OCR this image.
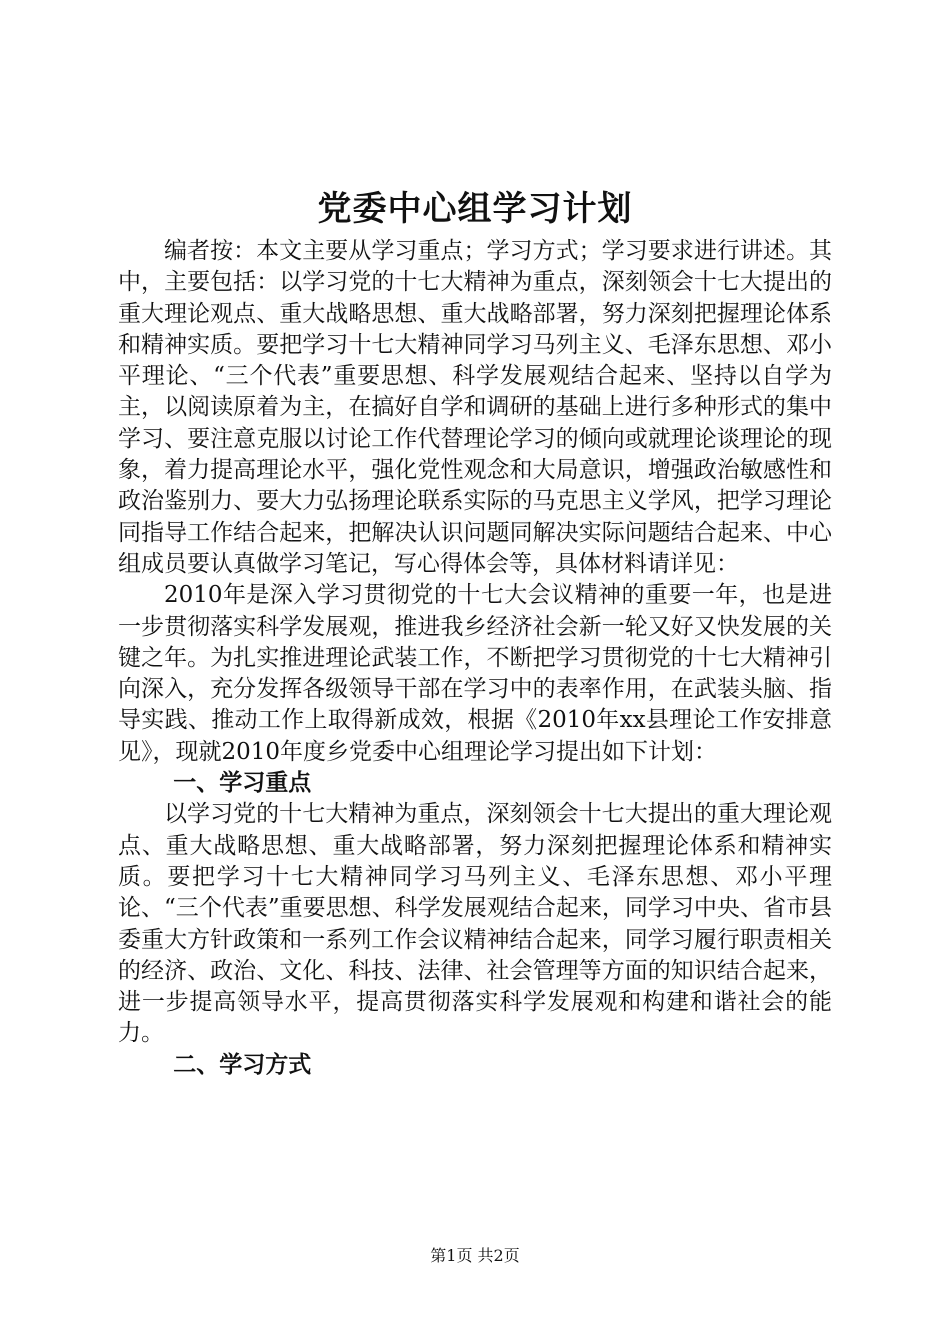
党委中心组学习计划

编者按：本文主要从学习重点；学习方式；学习要求进行讲述。其中，主要包括：以学习党的十七大精神为重点，深刻领会十七大提出的重大理论观点、重大战略思想、重大战略部署，努力深刻把握理论体系和精神实质。要把学习十七大精神同学习马列主义、毛泽东思想、邓小平理论、“三个代表”重要思想、科学发展观结合起来、坚持以自学为主，以阅读原着为主，在搞好自学和调研的基础上进行多种形式的集中学习、要注意克服以讨论工作代替理论学习的倾向或就理论谈理论的现象，着力提高理论水平，强化党性观念和大局意识，增强政治敏感性和政治鉴别力、要大力弘扬理论联系实际的马克思主义学风，把学习理论同指导工作结合起来，把解决认识问题同解决实际问题结合起来、中心组成员要认真做学习笔记，写心得体会等，具体材料请详见：

2010年是深入学习贯彻党的十七大会议精神的重要一年，也是进一步贯彻落实科学发展观，推进我乡经济社会新一轮又好又快发展的关键之年。为扎实推进理论武装工作，不断把学习贯彻党的十七大精神引向深入，充分发挥各级领导干部在学习中的表率作用，在武装头脑、指导实践、推动工作上取得新成效，根据《2010年xx县理论工作安排意见》，现就2010年度乡党委中心组理论学习提出如下计划：

一、学习重点

以学习党的十七大精神为重点，深刻领会十七大提出的重大理论观点、重大战略思想、重大战略部署，努力深刻把握理论体系和精神实质。要把学习十七大精神同学习马列主义、毛泽东思想、邓小平理论、“三个代表”重要思想、科学发展观结合起来，同学习中央、省市县委重大方针政策和一系列工作会议精神结合起来，同学习履行职责相关的经济、政治、文化、科技、法律、社会管理等方面的知识结合起来，进一步提高领导水平，提高贯彻落实科学发展观和构建和谐社会的能力。

二、学习方式

第1页 共2页
